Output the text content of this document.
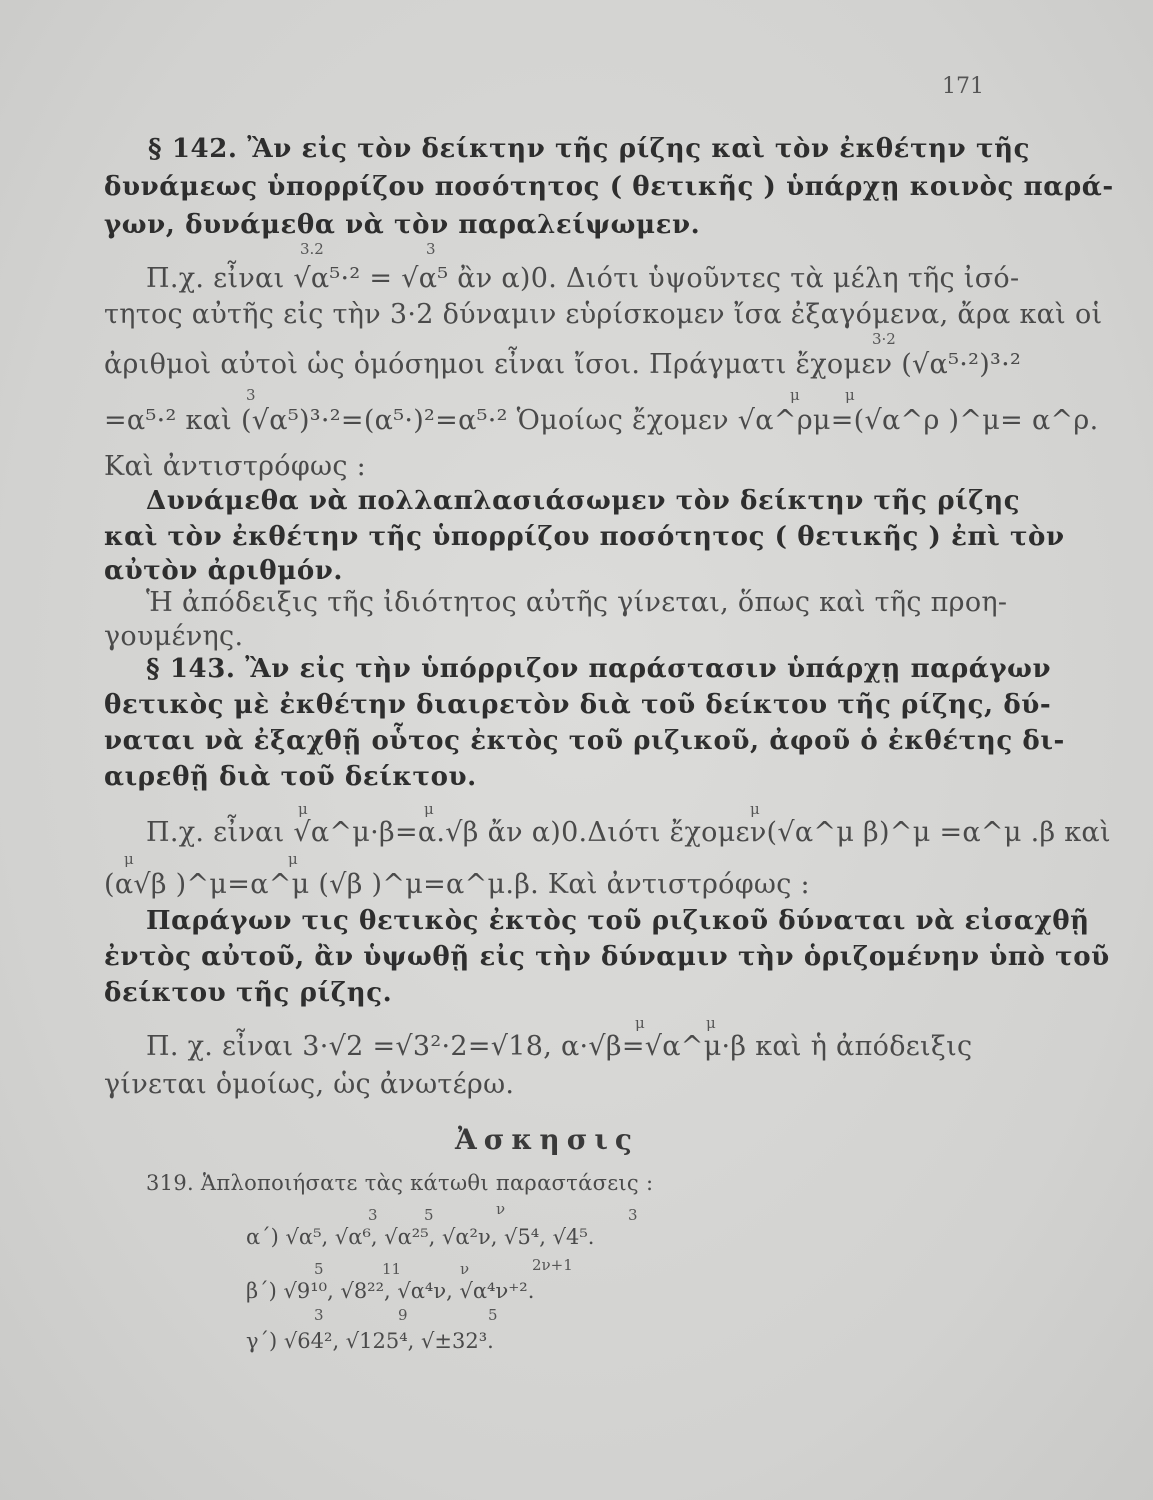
171
§ 142. Ἂν εἰς τὸν δείκτην τῆς ρίζης καὶ τὸν ἐκθέτην τῆς
δυνάμεως ὑπορρίζου ποσότητος ( θετικῆς ) ὑπάρχῃ κοινὸς παρά-
γων, δυνάμεθα νὰ τὸν παραλείψωμεν.
3.2	3
Π.χ. εἶναι √α⁵·² = √α⁵ ἂν α)0. Διότι ὑψοῦντες τὰ μέλη τῆς ἰσό-
τητος αὐτῆς εἰς τὴν 3·2 δύναμιν εὑρίσκομεν ἴσα ἐξαγόμενα, ἄρα καὶ οἱ
3·2
ἀριθμοὶ αὐτοὶ ὡς ὁμόσημοι εἶναι ἴσοι. Πράγματι ἔχομεν (√α⁵·²)³·²
3	μ	μ
=α⁵·² καὶ (√α⁵)³·²=(α⁵·)²=α⁵·² Ὁμοίως ἔχομεν √α^ρμ=(√α^ρ )^μ= α^ρ.
Καὶ ἀντιστρόφως :
Δυνάμεθα νὰ πολλαπλασιάσωμεν τὸν δείκτην τῆς ρίζης
καὶ τὸν ἐκθέτην τῆς ὑπορρίζου ποσότητος ( θετικῆς ) ἐπὶ τὸν
αὐτὸν ἀριθμόν.
Ἡ ἀπόδειξις τῆς ἰδιότητος αὐτῆς γίνεται, ὅπως καὶ τῆς προη-
γουμένης.
§ 143. Ἂν εἰς τὴν ὑπόρριζον παράστασιν ὑπάρχῃ παράγων
θετικὸς μὲ ἐκθέτην διαιρετὸν διὰ τοῦ δείκτου τῆς ρίζης, δύ-
ναται νὰ ἐξαχθῇ οὗτος ἐκτὸς τοῦ ριζικοῦ, ἀφοῦ ὁ ἐκθέτης δι-
αιρεθῇ διὰ τοῦ δείκτου.
μ	μ	μ
Π.χ. εἶναι √α^μ·β=α.√β ἄν α)0.Διότι ἔχομεν(√α^μ β)^μ =α^μ .β καὶ
μ	μ
(α√β )^μ=α^μ (√β )^μ=α^μ.β. Καὶ ἀντιστρόφως :
Παράγων τις θετικὸς ἐκτὸς τοῦ ριζικοῦ δύναται νὰ εἰσαχθῇ
ἐντὸς αὐτοῦ, ἂν ὑψωθῇ εἰς τὴν δύναμιν τὴν ὁριζομένην ὑπὸ τοῦ
δείκτου τῆς ρίζης.
μ	μ
Π. χ. εἶναι 3·√2 =√3²·2=√18, α·√β=√α^μ·β καὶ ἡ ἀπόδειξις
γίνεται ὁμοίως, ὡς ἀνωτέρω.
Ἀσκησις
319. Ἁπλοποιήσατε τὰς κάτωθι παραστάσεις :
3	5	ν	3
α΄) √α⁵, √α⁶, √α²⁵, √α²ν, √5⁴, √4⁵.
5	11	ν	2ν+1
β΄) √9¹⁰, √8²², √α⁴ν, √α⁴ν⁺².
3	9	5
γ΄) √64², √125⁴, √±32³.
